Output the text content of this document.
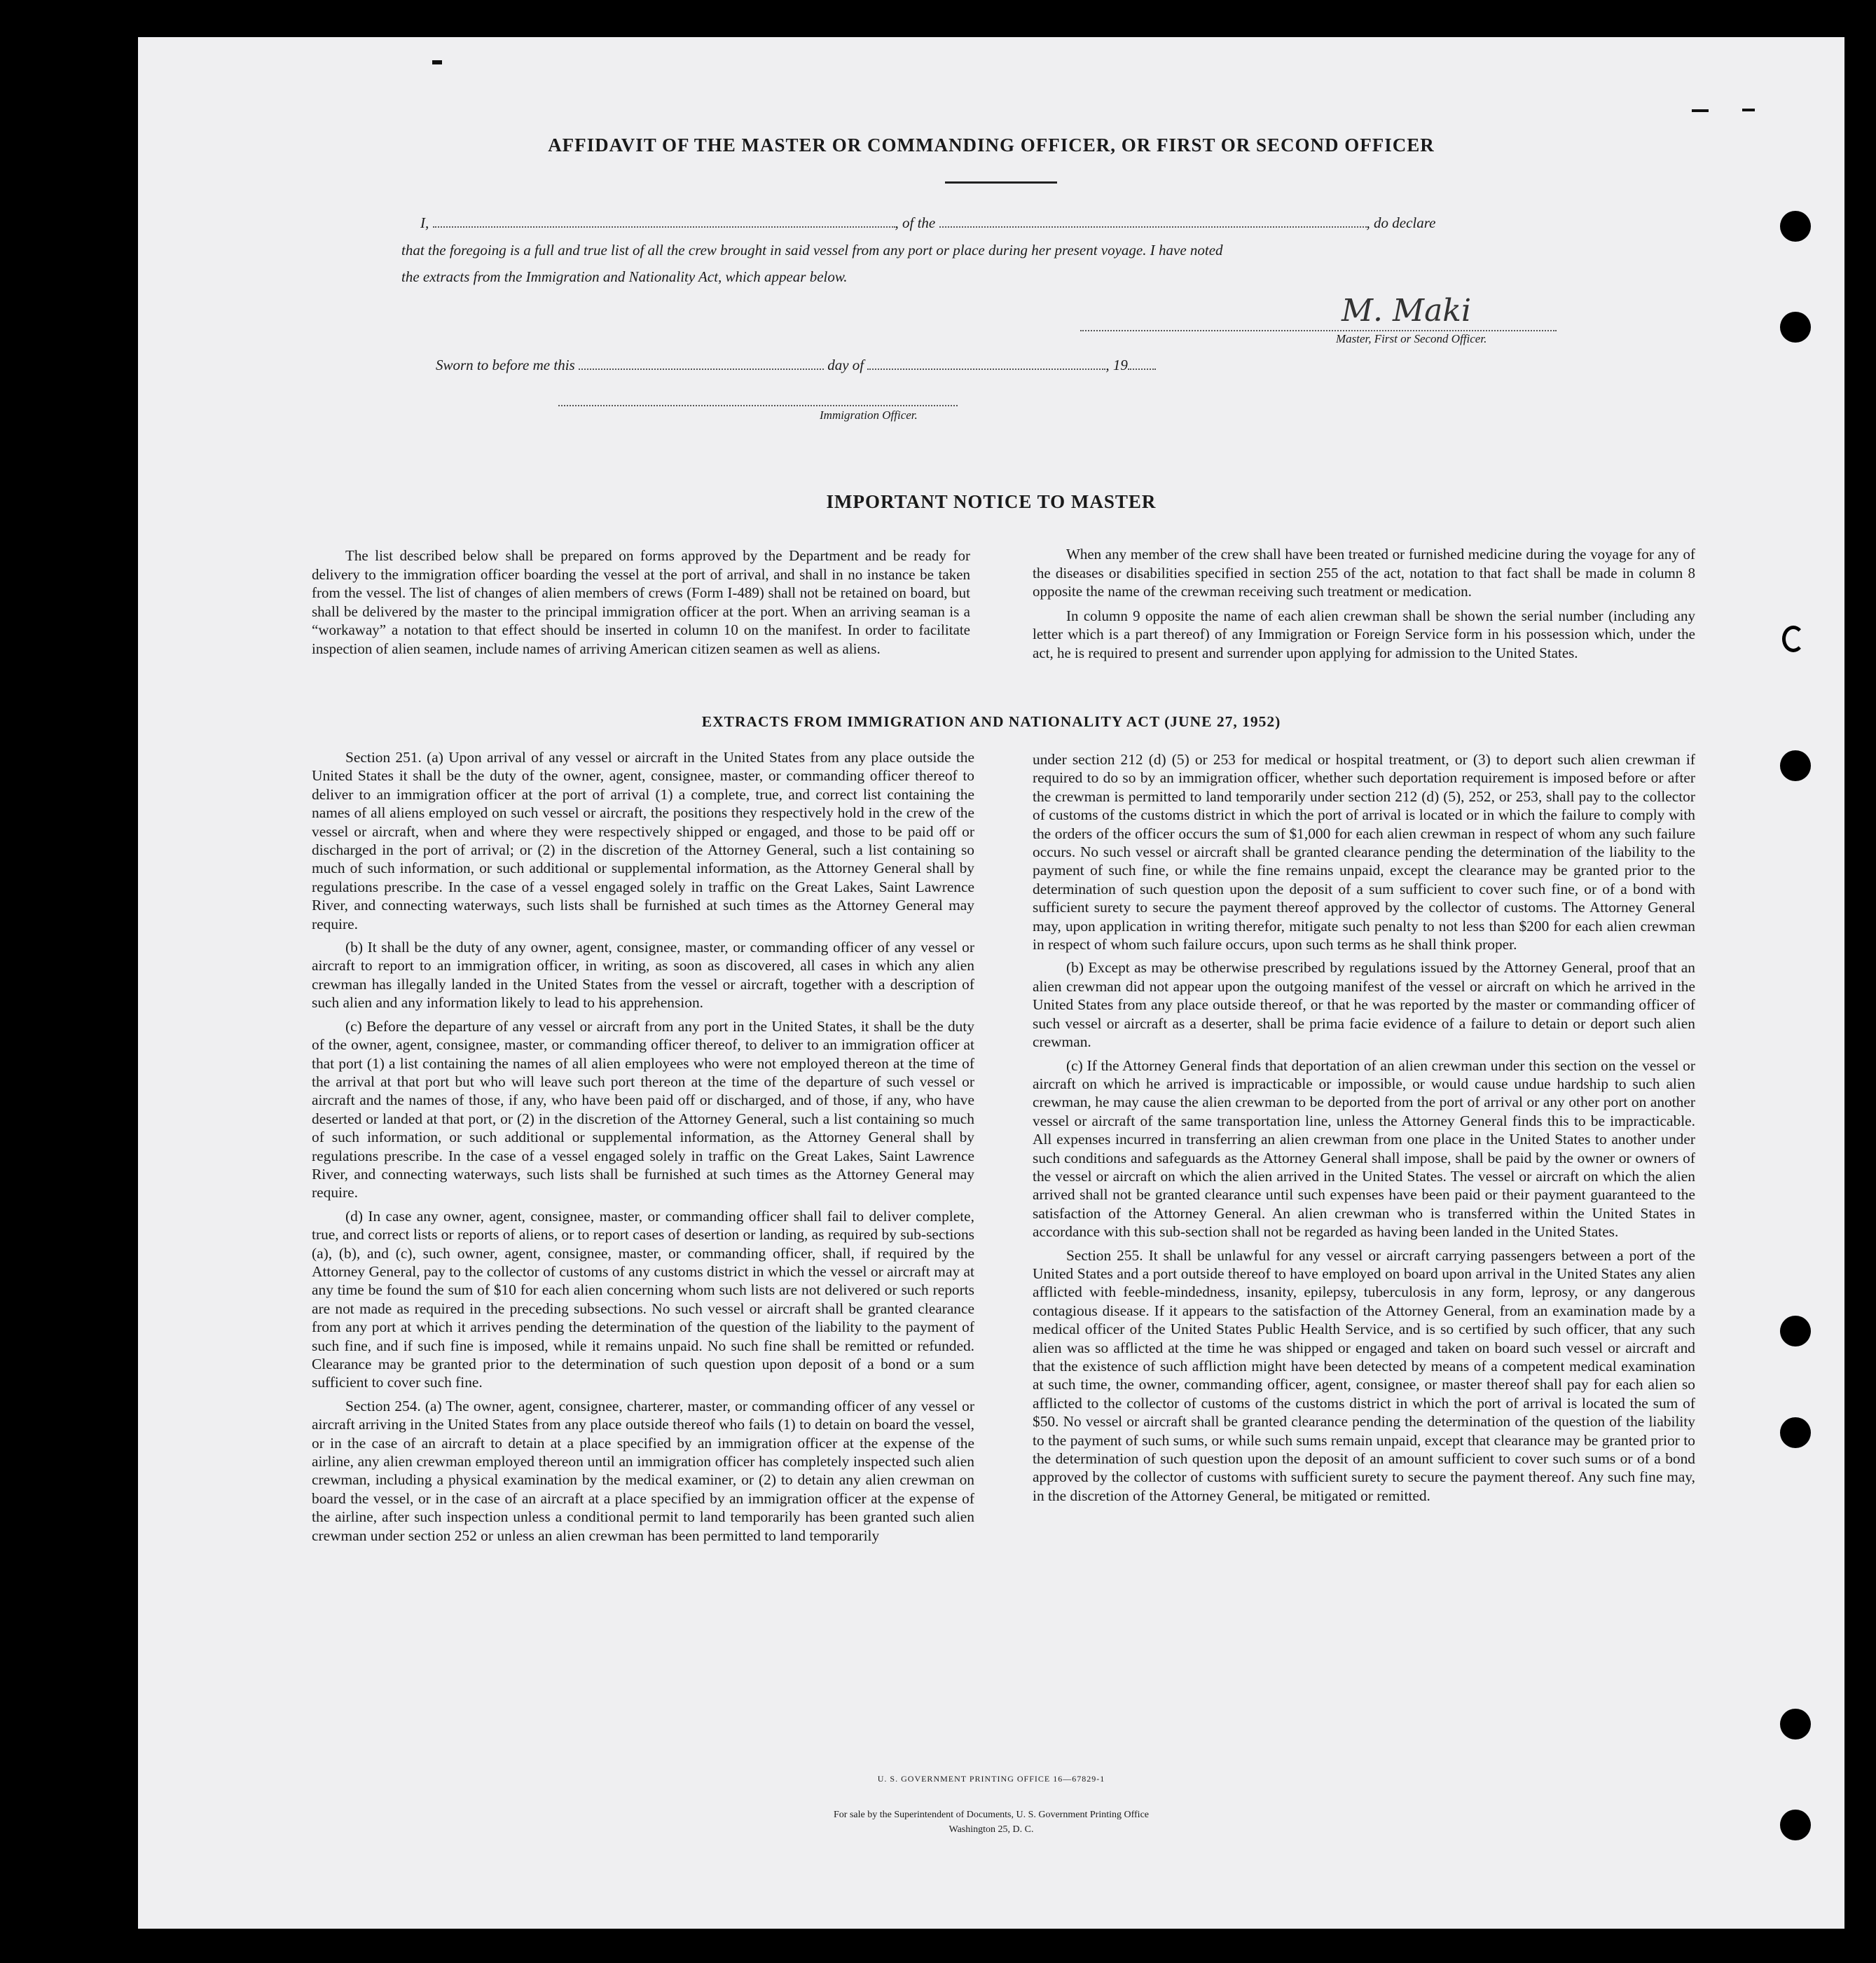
AFFIDAVIT OF THE MASTER OR COMMANDING OFFICER, OR FIRST OR SECOND OFFICER
I,	, of the	, do declare
that the foregoing is a full and true list of all the crew brought in said vessel from any port or place during her present voyage. I have noted
the extracts from the Immigration and Nationality Act, which appear below.
M. Maki
Master, First or Second Officer.
Sworn to before me this	day of	, 19
Immigration Officer.
IMPORTANT NOTICE TO MASTER

The list described below shall be prepared on forms approved by the Department and be ready for delivery to the immigration officer boarding the vessel at the port of arrival, and shall in no instance be taken from the vessel. The list of changes of alien members of crews (Form I-489) shall not be retained on board, but shall be delivered by the master to the principal immigration officer at the port. When an arriving seaman is a “workaway” a notation to that effect should be inserted in column 10 on the manifest. In order to facilitate inspection of alien seamen, include names of arriving American citizen seamen as well as aliens.

When any member of the crew shall have been treated or furnished medicine during the voyage for any of the diseases or disabilities specified in section 255 of the act, notation to that fact shall be made in column 8 opposite the name of the crewman receiving such treatment or medication.

In column 9 opposite the name of each alien crewman shall be shown the serial number (including any letter which is a part thereof) of any Immigration or Foreign Service form in his possession which, under the act, he is required to present and surrender upon applying for admission to the United States.

EXTRACTS FROM IMMIGRATION AND NATIONALITY ACT (JUNE 27, 1952)

Section 251. (a) Upon arrival of any vessel or aircraft in the United States from any place outside the United States it shall be the duty of the owner, agent, consignee, master, or commanding officer thereof to deliver to an immigration officer at the port of arrival (1) a complete, true, and correct list containing the names of all aliens employed on such vessel or aircraft, the positions they respectively hold in the crew of the vessel or aircraft, when and where they were respectively shipped or engaged, and those to be paid off or discharged in the port of arrival; or (2) in the discretion of the Attorney General, such a list containing so much of such information, or such additional or supplemental information, as the Attorney General shall by regulations prescribe. In the case of a vessel engaged solely in traffic on the Great Lakes, Saint Lawrence River, and connecting waterways, such lists shall be furnished at such times as the Attorney General may require.

(b) It shall be the duty of any owner, agent, consignee, master, or commanding officer of any vessel or aircraft to report to an immigration officer, in writing, as soon as discovered, all cases in which any alien crewman has illegally landed in the United States from the vessel or aircraft, together with a description of such alien and any information likely to lead to his apprehension.

(c) Before the departure of any vessel or aircraft from any port in the United States, it shall be the duty of the owner, agent, consignee, master, or commanding officer thereof, to deliver to an immigration officer at that port (1) a list containing the names of all alien employees who were not employed thereon at the time of the arrival at that port but who will leave such port thereon at the time of the departure of such vessel or aircraft and the names of those, if any, who have been paid off or discharged, and of those, if any, who have deserted or landed at that port, or (2) in the discretion of the Attorney General, such a list containing so much of such information, or such additional or supplemental information, as the Attorney General shall by regulations prescribe. In the case of a vessel engaged solely in traffic on the Great Lakes, Saint Lawrence River, and connecting waterways, such lists shall be furnished at such times as the Attorney General may require.

(d) In case any owner, agent, consignee, master, or commanding officer shall fail to deliver complete, true, and correct lists or reports of aliens, or to report cases of desertion or landing, as required by sub-sections (a), (b), and (c), such owner, agent, consignee, master, or commanding officer, shall, if required by the Attorney General, pay to the collector of customs of any customs district in which the vessel or aircraft may at any time be found the sum of $10 for each alien concerning whom such lists are not delivered or such reports are not made as required in the preceding subsections. No such vessel or aircraft shall be granted clearance from any port at which it arrives pending the determination of the question of the liability to the payment of such fine, and if such fine is imposed, while it remains unpaid. No such fine shall be remitted or refunded. Clearance may be granted prior to the determination of such question upon deposit of a bond or a sum sufficient to cover such fine.

Section 254. (a) The owner, agent, consignee, charterer, master, or commanding officer of any vessel or aircraft arriving in the United States from any place outside thereof who fails (1) to detain on board the vessel, or in the case of an aircraft to detain at a place specified by an immigration officer at the expense of the airline, any alien crewman employed thereon until an immigration officer has completely inspected such alien crewman, including a physical examination by the medical examiner, or (2) to detain any alien crewman on board the vessel, or in the case of an aircraft at a place specified by an immigration officer at the expense of the airline, after such inspection unless a conditional permit to land temporarily has been granted such alien crewman under section 252 or unless an alien crewman has been permitted to land temporarily

under section 212 (d) (5) or 253 for medical or hospital treatment, or (3) to deport such alien crewman if required to do so by an immigration officer, whether such deportation requirement is imposed before or after the crewman is permitted to land temporarily under section 212 (d) (5), 252, or 253, shall pay to the collector of customs of the customs district in which the port of arrival is located or in which the failure to comply with the orders of the officer occurs the sum of $1,000 for each alien crewman in respect of whom any such failure occurs. No such vessel or aircraft shall be granted clearance pending the determination of the liability to the payment of such fine, or while the fine remains unpaid, except the clearance may be granted prior to the determination of such question upon the deposit of a sum sufficient to cover such fine, or of a bond with sufficient surety to secure the payment thereof approved by the collector of customs. The Attorney General may, upon application in writing therefor, mitigate such penalty to not less than $200 for each alien crewman in respect of whom such failure occurs, upon such terms as he shall think proper.

(b) Except as may be otherwise prescribed by regulations issued by the Attorney General, proof that an alien crewman did not appear upon the outgoing manifest of the vessel or aircraft on which he arrived in the United States from any place outside thereof, or that he was reported by the master or commanding officer of such vessel or aircraft as a deserter, shall be prima facie evidence of a failure to detain or deport such alien crewman.

(c) If the Attorney General finds that deportation of an alien crewman under this section on the vessel or aircraft on which he arrived is impracticable or impossible, or would cause undue hardship to such alien crewman, he may cause the alien crewman to be deported from the port of arrival or any other port on another vessel or aircraft of the same transportation line, unless the Attorney General finds this to be impracticable. All expenses incurred in transferring an alien crewman from one place in the United States to another under such conditions and safeguards as the Attorney General shall impose, shall be paid by the owner or owners of the vessel or aircraft on which the alien arrived in the United States. The vessel or aircraft on which the alien arrived shall not be granted clearance until such expenses have been paid or their payment guaranteed to the satisfaction of the Attorney General. An alien crewman who is transferred within the United States in accordance with this sub-section shall not be regarded as having been landed in the United States.

Section 255. It shall be unlawful for any vessel or aircraft carrying passengers between a port of the United States and a port outside thereof to have employed on board upon arrival in the United States any alien afflicted with feeble-mindedness, insanity, epilepsy, tuberculosis in any form, leprosy, or any dangerous contagious disease. If it appears to the satisfaction of the Attorney General, from an examination made by a medical officer of the United States Public Health Service, and is so certified by such officer, that any such alien was so afflicted at the time he was shipped or engaged and taken on board such vessel or aircraft and that the existence of such affliction might have been detected by means of a competent medical examination at such time, the owner, commanding officer, agent, consignee, or master thereof shall pay for each alien so afflicted to the collector of customs of the customs district in which the port of arrival is located the sum of $50. No vessel or aircraft shall be granted clearance pending the determination of the question of the liability to the payment of such sums, or while such sums remain unpaid, except that clearance may be granted prior to the determination of such question upon the deposit of an amount sufficient to cover such sums or of a bond approved by the collector of customs with sufficient surety to secure the payment thereof. Any such fine may, in the discretion of the Attorney General, be mitigated or remitted.

U. S. GOVERNMENT PRINTING OFFICE 16—67829-1
For sale by the Superintendent of Documents, U. S. Government Printing Office
Washington 25, D. C.
